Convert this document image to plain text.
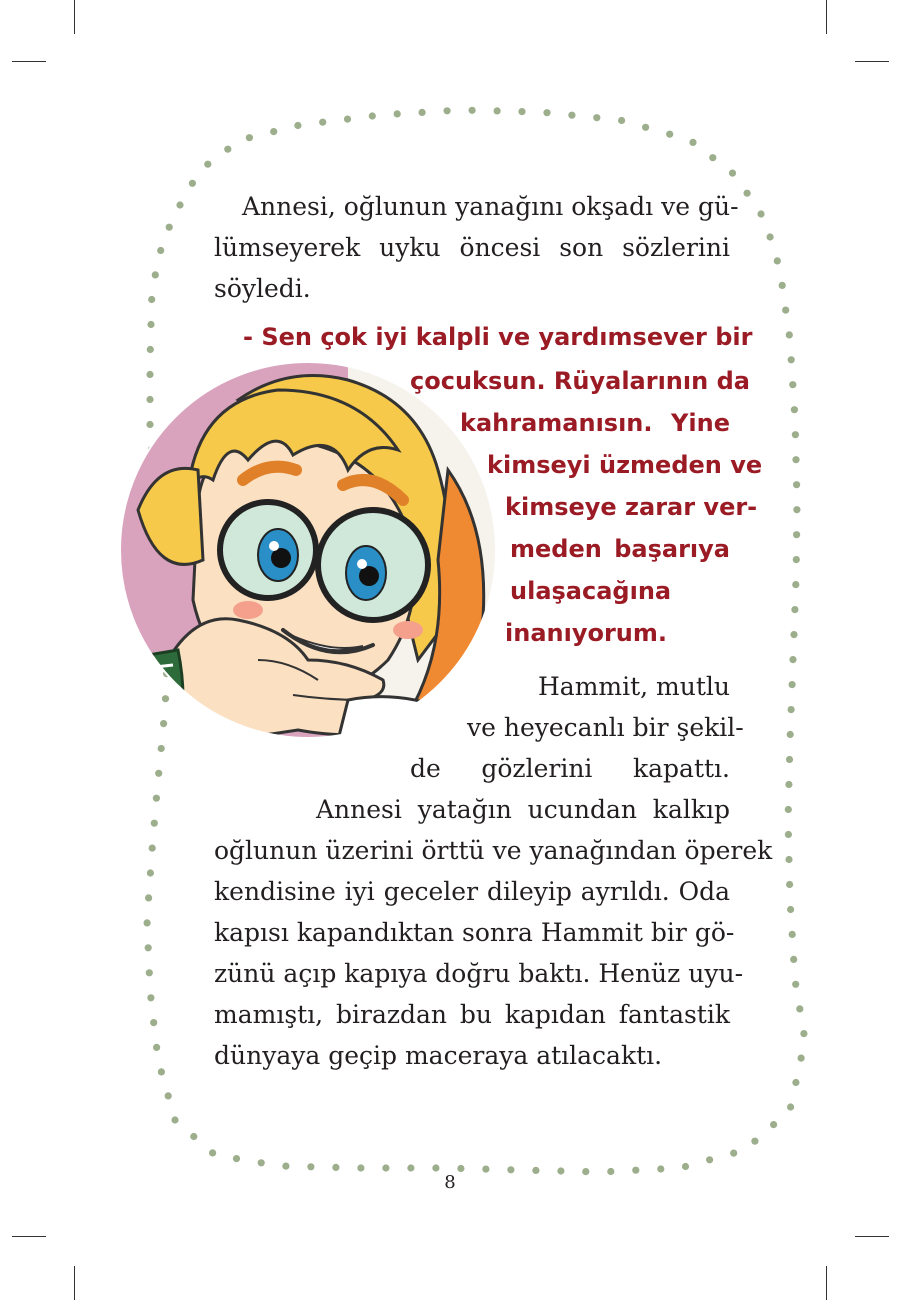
Annesi, oğlunun yanağını okşadı ve gü-

lümseyerek uyku öncesi son sözlerini

söyledi.

- Sen çok iyi kalpli ve yardımsever bir

çocuksun. Rüyalarının da

kahramanısın. Yine

kimseyi üzmeden ve

kimseye zarar ver-

meden başarıya

ulaşacağına

inanıyorum.

Hammit, mutlu

ve heyecanlı bir şekil-

de gözlerini kapattı.

Annesi yatağın ucundan kalkıp

oğlunun üzerini örttü ve yanağından öperek

kendisine iyi geceler dileyip ayrıldı. Oda

kapısı kapandıktan sonra Hammit bir gö-

zünü açıp kapıya doğru baktı. Henüz uyu-

mamıştı, birazdan bu kapıdan fantastik

dünyaya geçip maceraya atılacaktı.

8
